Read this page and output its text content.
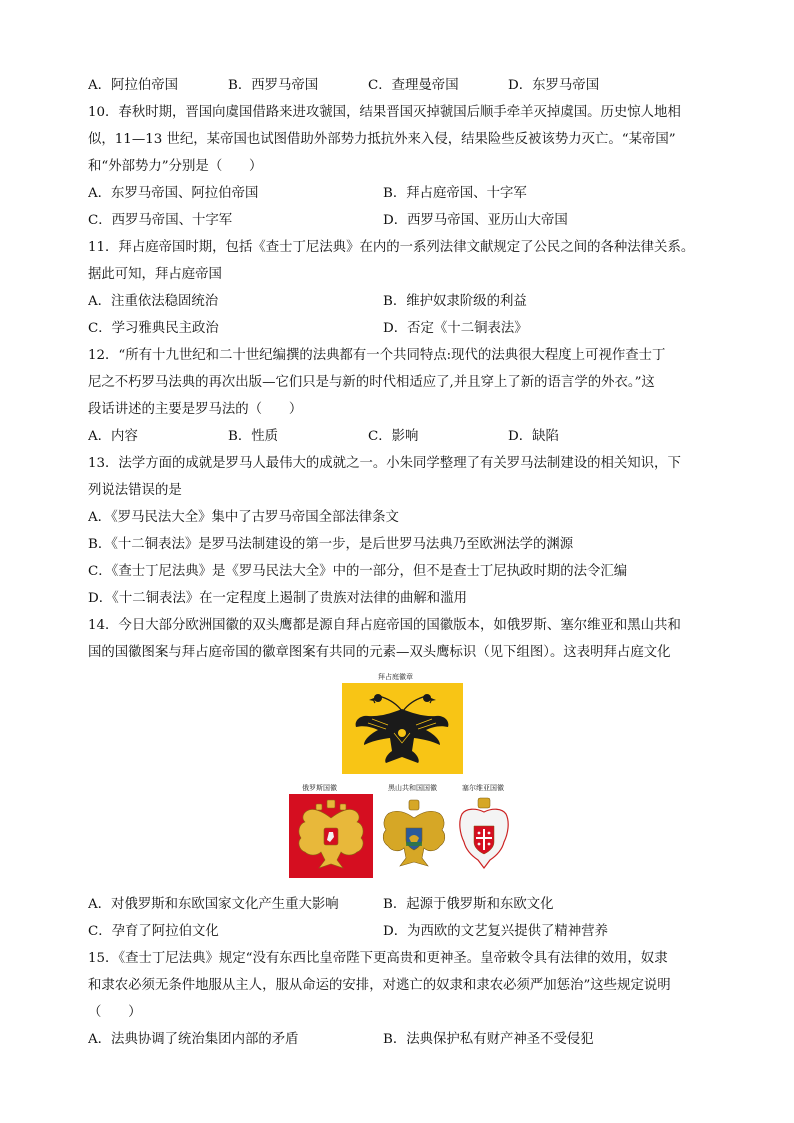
A．阿拉伯帝国	B．西罗马帝国	C．查理曼帝国	D．东罗马帝国
10．春秋时期，晋国向虞国借路来进攻虢国，结果晋国灭掉虢国后顺手牵羊灭掉虞国。历史惊人地相
似，11—13 世纪，某帝国也试图借助外部势力抵抗外来入侵，结果险些反被该势力灭亡。“某帝国”
和“外部势力”分别是（　　）
A．东罗马帝国、阿拉伯帝国	B．拜占庭帝国、十字军
C．西罗马帝国、十字军	D．西罗马帝国、亚历山大帝国
11．拜占庭帝国时期，包括《查士丁尼法典》在内的一系列法律文献规定了公民之间的各种法律关系。
据此可知，拜占庭帝国
A．注重依法稳固统治	B．维护奴隶阶级的利益
C．学习雅典民主政治	D．否定《十二铜表法》
12．“所有十九世纪和二十世纪编撰的法典都有一个共同特点:现代的法典很大程度上可视作查士丁
尼之不朽罗马法典的再次出版—它们只是与新的时代相适应了,并且穿上了新的语言学的外衣。”这
段话讲述的主要是罗马法的（　　）
A．内容	B．性质	C．影响	D．缺陷
13．法学方面的成就是罗马人最伟大的成就之一。小朱同学整理了有关罗马法制建设的相关知识，下
列说法错误的是
A．《罗马民法大全》集中了古罗马帝国全部法律条文
B．《十二铜表法》是罗马法制建设的第一步，是后世罗马法典乃至欧洲法学的渊源
C．《查士丁尼法典》是《罗马民法大全》中的一部分，但不是查士丁尼执政时期的法令汇编
D．《十二铜表法》在一定程度上遏制了贵族对法律的曲解和滥用
14．今日大部分欧洲国徽的双头鹰都是源自拜占庭帝国的国徽版本，如俄罗斯、塞尔维亚和黑山共和
国的国徽图案与拜占庭帝国的徽章图案有共同的元素—双头鹰标识（见下组图）。这表明拜占庭文化
拜占庭徽章
俄罗斯国徽	黑山共和国国徽	塞尔维亚国徽
A．对俄罗斯和东欧国家文化产生重大影响	B．起源于俄罗斯和东欧文化
C．孕育了阿拉伯文化	D．为西欧的文艺复兴提供了精神营养
15．《查士丁尼法典》规定“没有东西比皇帝陛下更高贵和更神圣。皇帝敕令具有法律的效用，奴隶
和隶农必须无条件地服从主人，服从命运的安排，对逃亡的奴隶和隶农必须严加惩治”这些规定说明
（　　）
A．法典协调了统治集团内部的矛盾	B．法典保护私有财产神圣不受侵犯
